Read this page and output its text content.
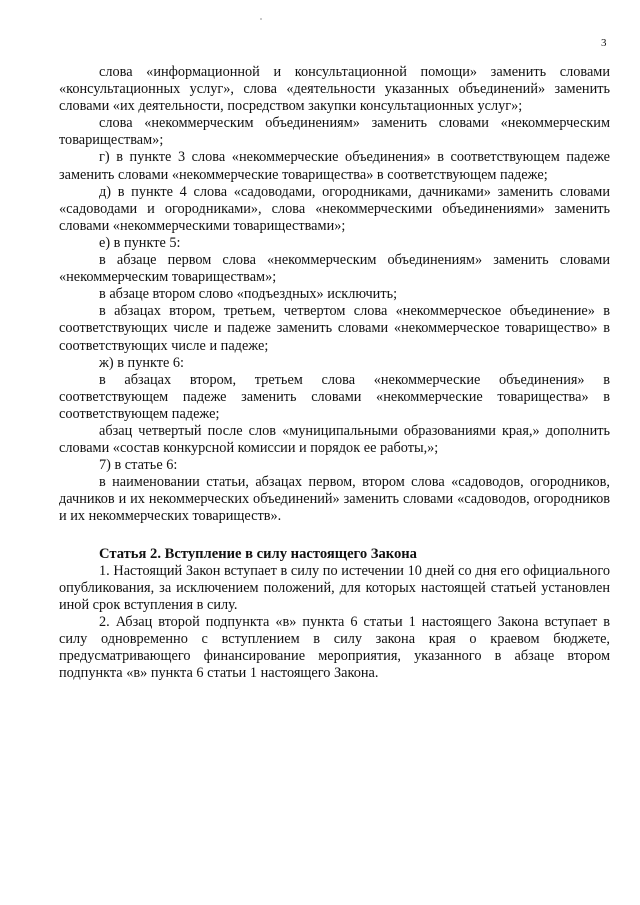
3

слова «информационной и консультационной помощи» заменить словами «консультационных услуг», слова «деятельности указанных объединений» заменить словами «их деятельности, посредством закупки консультационных услуг»;

слова «некоммерческим объединениям» заменить словами «некоммерческим товариществам»;

г) в пункте 3 слова «некоммерческие объединения» в соответствующем падеже заменить словами «некоммерческие товарищества» в соответствующем падеже;

д) в пункте 4 слова «садоводами, огородниками, дачниками» заменить словами «садоводами и огородниками», слова «некоммерческими объединениями» заменить словами «некоммерческими товариществами»;

е) в пункте 5:

в абзаце первом слова «некоммерческим объединениям» заменить словами «некоммерческим товариществам»;

в абзаце втором слово «подъездных» исключить;

в абзацах втором, третьем, четвертом слова «некоммерческое объединение» в соответствующих числе и падеже заменить словами «некоммерческое товарищество» в соответствующих числе и падеже;

ж) в пункте 6:

в абзацах втором, третьем слова «некоммерческие объединения» в соответствующем падеже заменить словами «некоммерческие товарищества» в соответствующем падеже;

абзац четвертый после слов «муниципальными образованиями края,» дополнить словами «состав конкурсной комиссии и порядок ее работы,»;

7) в статье 6:

в наименовании статьи, абзацах первом, втором слова «садоводов, огородников, дачников и их некоммерческих объединений» заменить словами «садоводов, огородников и их некоммерческих товариществ».

Статья 2. Вступление в силу настоящего Закона

1. Настоящий Закон вступает в силу по истечении 10 дней со дня его официального опубликования, за исключением положений, для которых настоящей статьей установлен иной срок вступления в силу.

2. Абзац второй подпункта «в» пункта 6 статьи 1 настоящего Закона вступает в силу одновременно с вступлением в силу закона края о краевом бюджете, предусматривающего финансирование мероприятия, указанного в абзаце втором подпункта «в» пункта 6 статьи 1 настоящего Закона.
